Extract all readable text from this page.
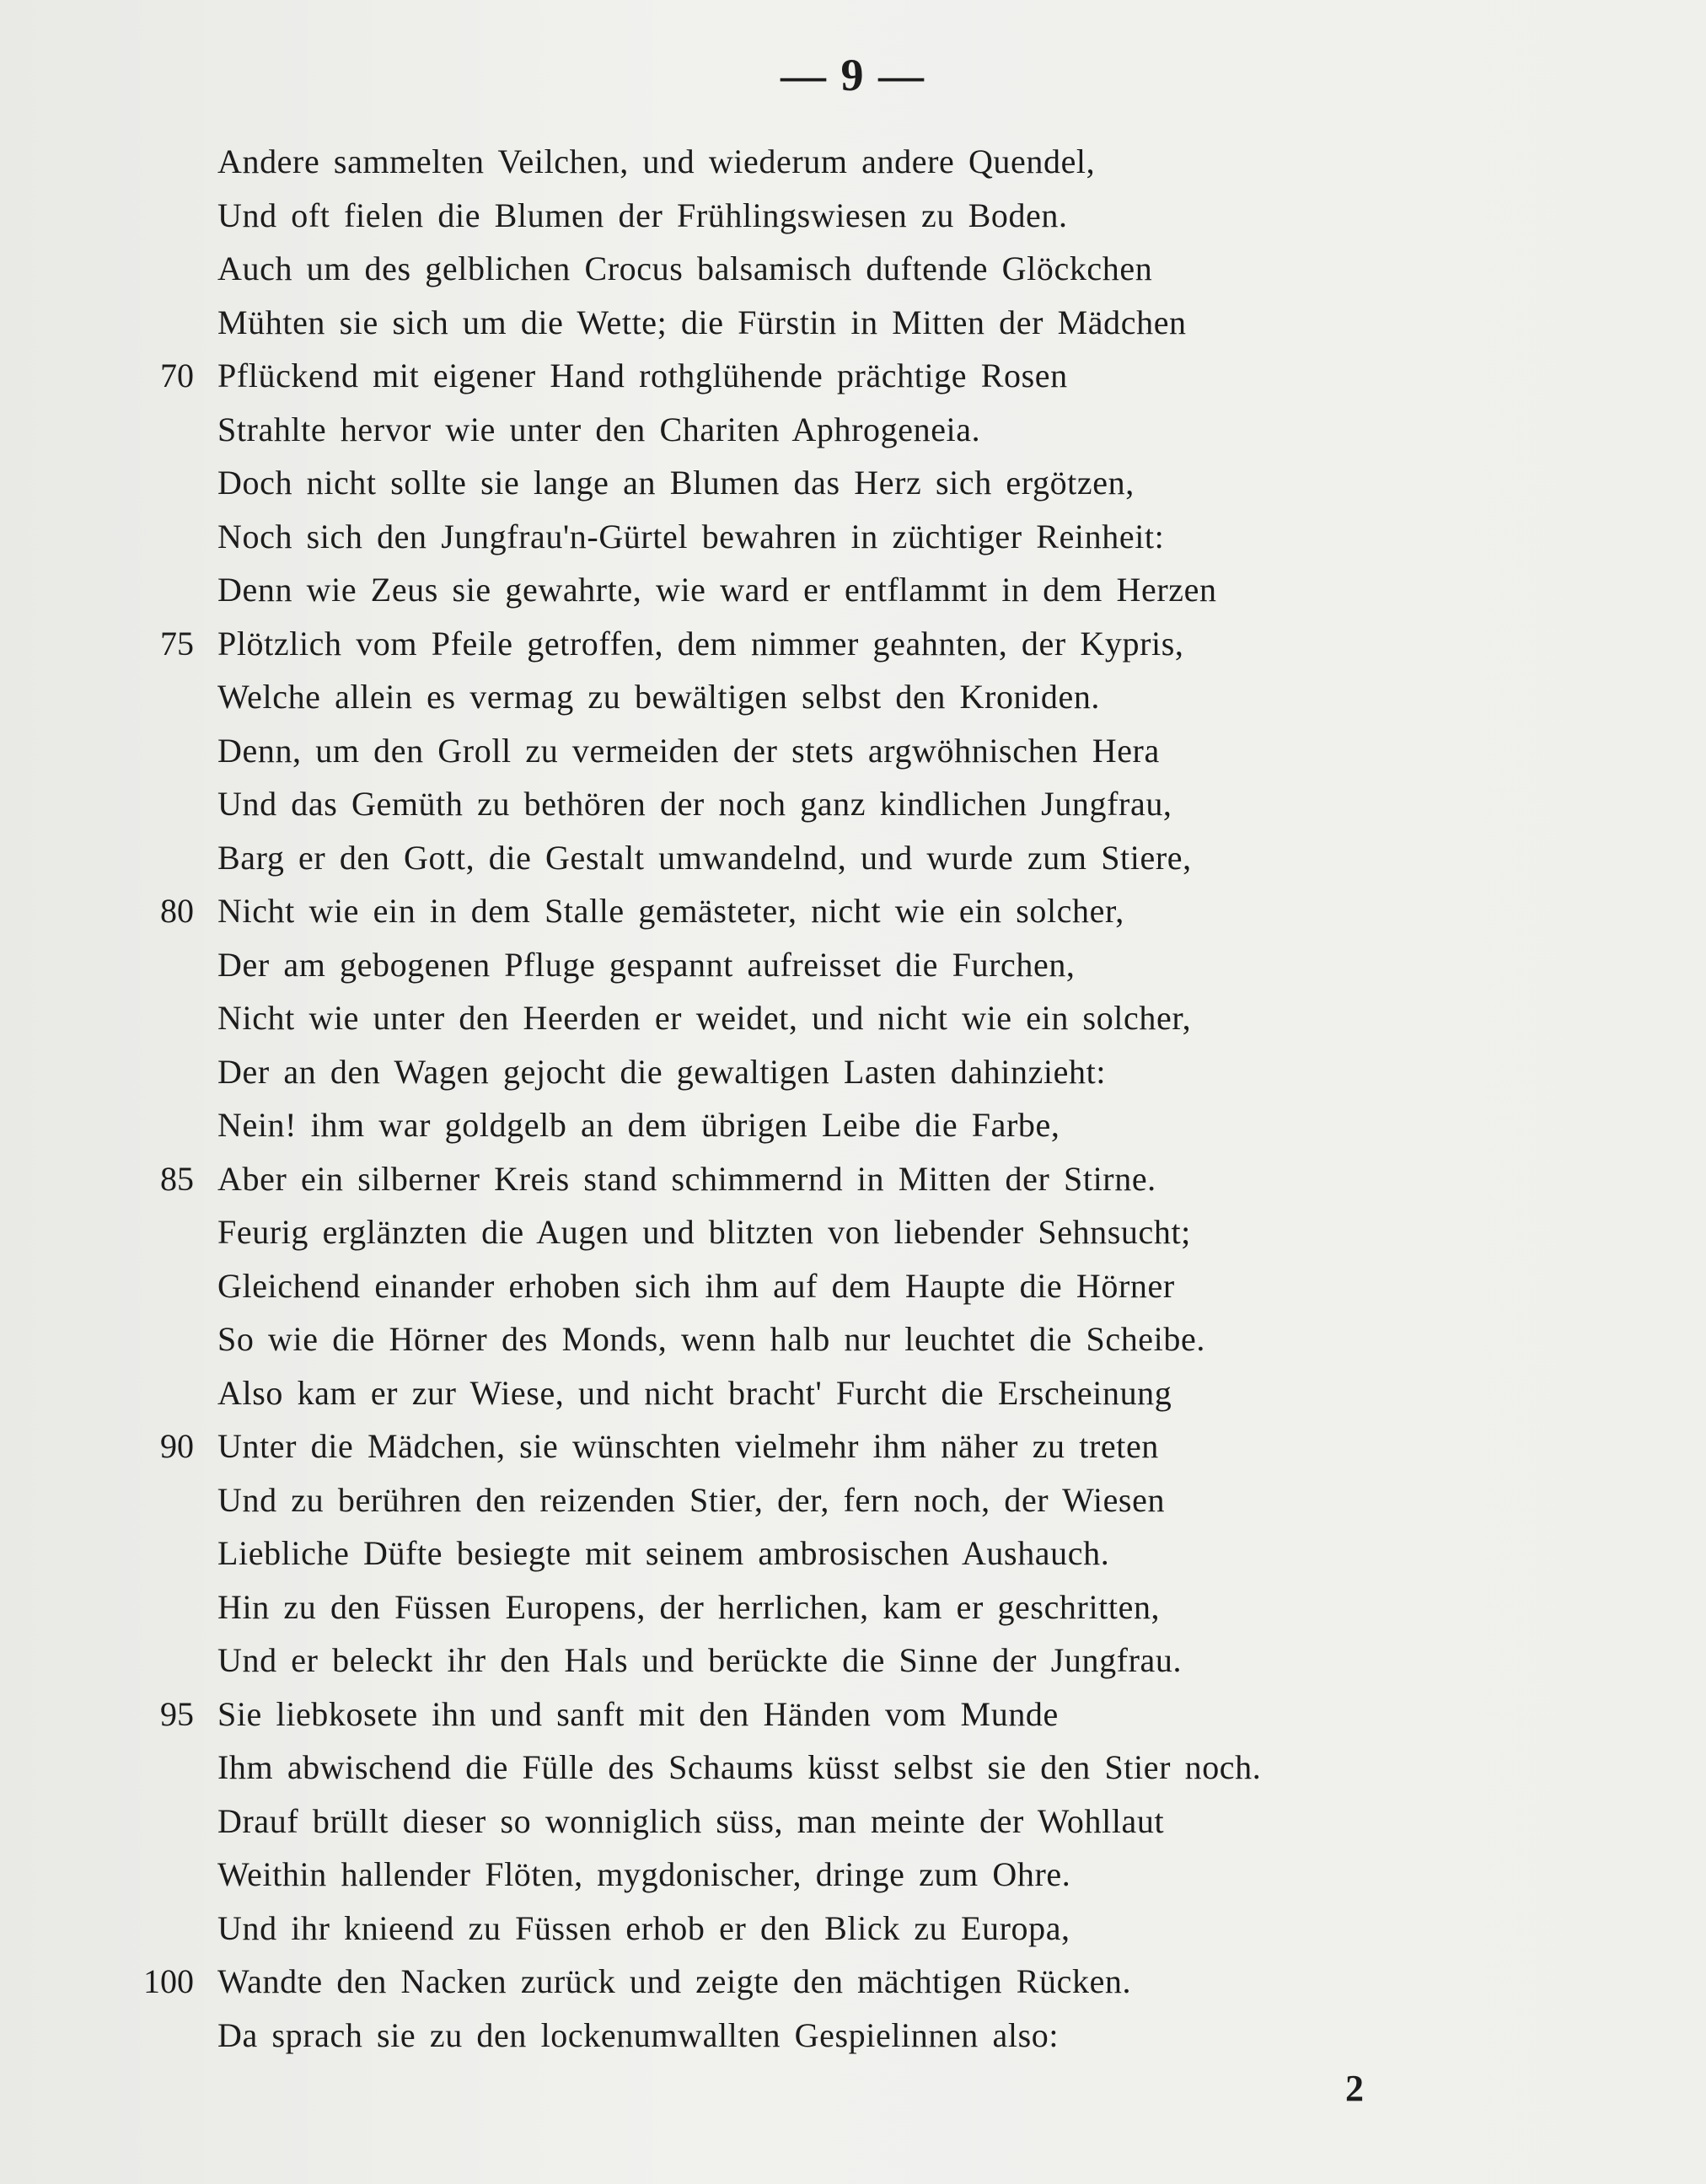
— 9 —
Andere sammelten Veilchen, und wiederum andere Quendel,
Und oft fielen die Blumen der Frühlingswiesen zu Boden.
Auch um des gelblichen Crocus balsamisch duftende Glöckchen
Mühten sie sich um die Wette; die Fürstin in Mitten der Mädchen
70 Pflückend mit eigener Hand rothglühende prächtige Rosen
Strahlte hervor wie unter den Chariten Aphrogeneia.
Doch nicht sollte sie lange an Blumen das Herz sich ergötzen,
Noch sich den Jungfrau'n-Gürtel bewahren in züchtiger Reinheit:
Denn wie Zeus sie gewahrte, wie ward er entflammt in dem Herzen
75 Plötzlich vom Pfeile getroffen, dem nimmer geahnten, der Kypris,
Welche allein es vermag zu bewältigen selbst den Kroniden.
Denn, um den Groll zu vermeiden der stets argwöhnischen Hera
Und das Gemüth zu bethören der noch ganz kindlichen Jungfrau,
Barg er den Gott, die Gestalt umwandelnd, und wurde zum Stiere,
80 Nicht wie ein in dem Stalle gemästeter, nicht wie ein solcher,
Der am gebogenen Pfluge gespannt aufreisset die Furchen,
Nicht wie unter den Heerden er weidet, und nicht wie ein solcher,
Der an den Wagen gejocht die gewaltigen Lasten dahinzieht:
Nein! ihm war goldgelb an dem übrigen Leibe die Farbe,
85 Aber ein silberner Kreis stand schimmernd in Mitten der Stirne.
Feurig erglänzten die Augen und blitzten von liebender Sehnsucht;
Gleichend einander erhoben sich ihm auf dem Haupte die Hörner
So wie die Hörner des Monds, wenn halb nur leuchtet die Scheibe.
Also kam er zur Wiese, und nicht bracht' Furcht die Erscheinung
90 Unter die Mädchen, sie wünschten vielmehr ihm näher zu treten
Und zu berühren den reizenden Stier, der, fern noch, der Wiesen
Liebliche Düfte besiegte mit seinem ambrosischen Aushauch.
Hin zu den Füssen Europens, der herrlichen, kam er geschritten,
Und er beleckt ihr den Hals und berückte die Sinne der Jungfrau.
95 Sie liebkosete ihn und sanft mit den Händen vom Munde
Ihm abwischend die Fülle des Schaums küsst selbst sie den Stier noch.
Drauf brüllt dieser so wonniglich süss, man meinte der Wohllaut
Weithin hallender Flöten, mygdonischer, dringe zum Ohre.
Und ihr knieend zu Füssen erhob er den Blick zu Europa,
100 Wandte den Nacken zurück und zeigte den mächtigen Rücken.
Da sprach sie zu den lockenumwallten Gespielinnen also:
2
